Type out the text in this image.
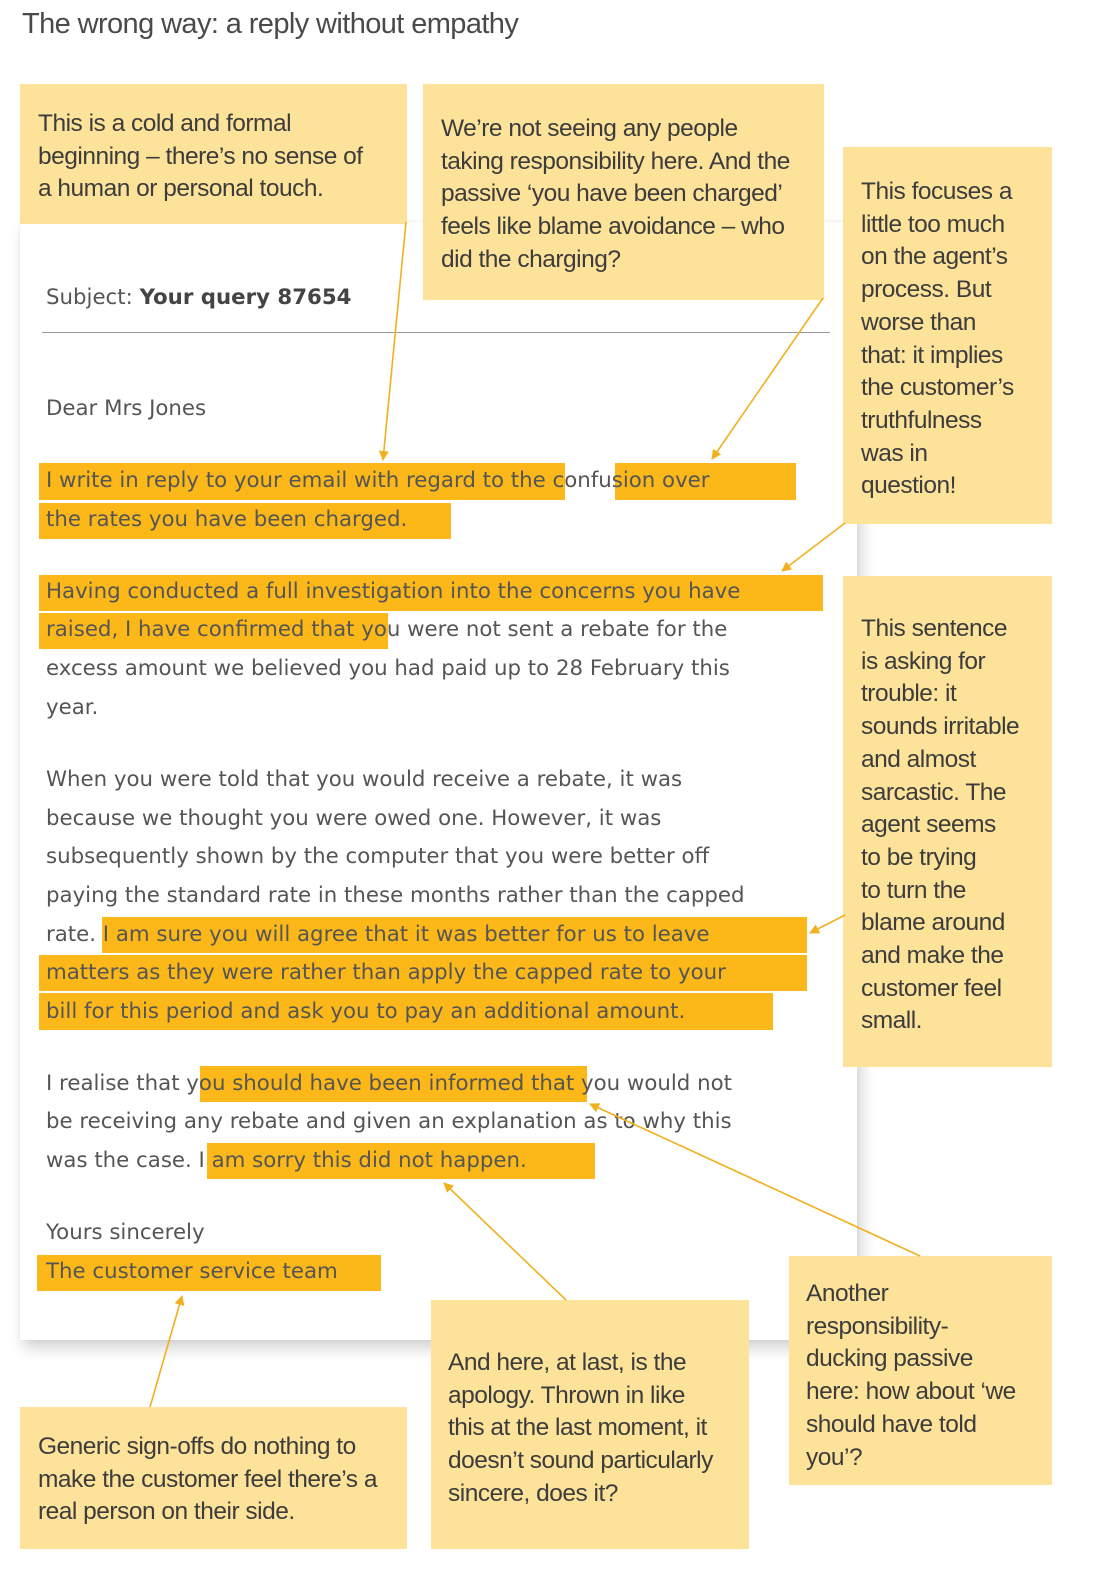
The wrong way: a reply without empathy
Subject: Your query 87654
Dear Mrs Jones
I write in reply to your email with regard to the confusion over
the rates you have been charged.
Having conducted a full investigation into the concerns you have
raised, I have confirmed that you were not sent a rebate for the
excess amount we believed you had paid up to 28 February this
year.
When you were told that you would receive a rebate, it was
because we thought you were owed one. However, it was
subsequently shown by the computer that you were better off
paying the standard rate in these months rather than the capped
rate. I am sure you will agree that it was better for us to leave
matters as they were rather than apply the capped rate to your
bill for this period and ask you to pay an additional amount.
I realise that you should have been informed that you would not
be receiving any rebate and given an explanation as to why this
was the case. I am sorry this did not happen.
Yours sincerely
The customer service team
This is a cold and formal
beginning – there’s no sense of
a human or personal touch.
We’re not seeing any people
taking responsibility here. And the
passive ‘you have been charged’
feels like blame avoidance – who
did the charging?
This focuses a
little too much
on the agent’s
process. But
worse than
that: it implies
the customer’s
truthfulness
was in
question!
This sentence
is asking for
trouble: it
sounds irritable
and almost
sarcastic. The
agent seems
to be trying
to turn the
blame around
and make the
customer feel
small.
Another
responsibility-
ducking passive
here: how about ‘we
should have told
you’?
And here, at last, is the
apology. Thrown in like
this at the last moment, it
doesn’t sound particularly
sincere, does it?
Generic sign-offs do nothing to
make the customer feel there’s a
real person on their side.
